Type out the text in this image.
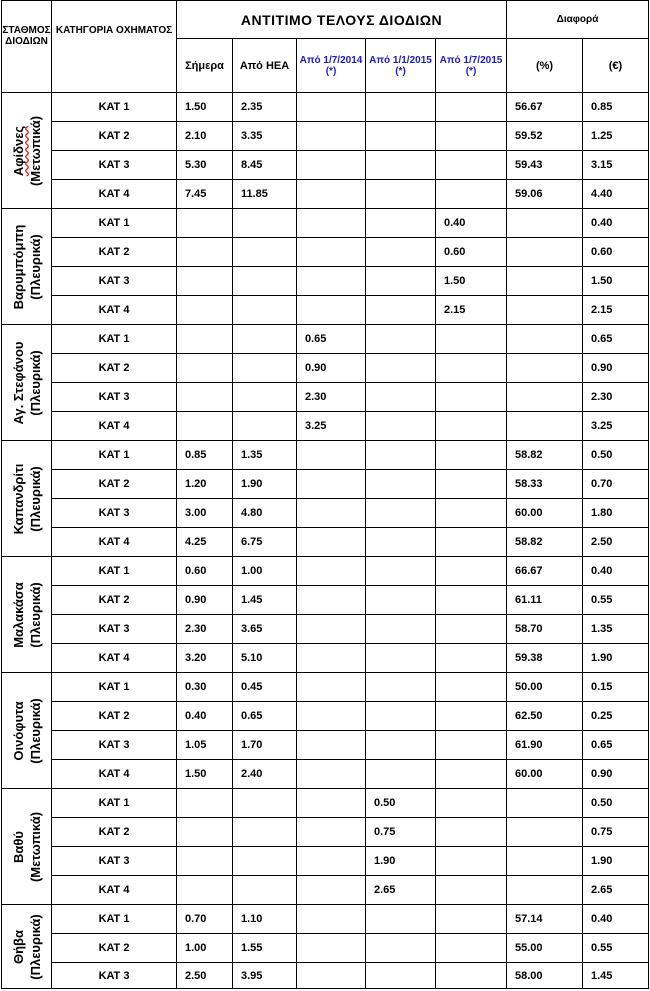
ΣΤΑΘΜΟΣ ΔΙΟΔΙΩΝ	ΚΑΤΗΓΟΡΙΑ ΟΧΗΜΑΤΟΣ	ΑΝΤΙΤΙΜΟ ΤΕΛΟΥΣ ΔΙΟΔΙΩΝ					Διαφορά	
		Σήμερα	Από ΗΕΑ	Από 1/7/2014 (*)	Από 1/1/2015 (*)	Από 1/7/2015 (*)	(%)	(€)

Αφίδνες (Μετωπικά)	ΚΑΤ 1	1.50	2.35				56.67	0.85
	ΚΑΤ 2	2.10	3.35				59.52	1.25
	ΚΑΤ 3	5.30	8.45				59.43	3.15
	ΚΑΤ 4	7.45	11.85				59.06	4.40

Βαρυμπόμπη (Πλευρικά)	ΚΑΤ 1					0.40		0.40
	ΚΑΤ 2					0.60		0.60
	ΚΑΤ 3					1.50		1.50
	ΚΑΤ 4					2.15		2.15

Αγ. Στεφάνου (Πλευρικά)	ΚΑΤ 1			0.65				0.65
	ΚΑΤ 2			0.90				0.90
	ΚΑΤ 3			2.30				2.30
	ΚΑΤ 4			3.25				3.25

Καπανδρίτι (Πλευρικά)	ΚΑΤ 1	0.85	1.35				58.82	0.50
	ΚΑΤ 2	1.20	1.90				58.33	0.70
	ΚΑΤ 3	3.00	4.80				60.00	1.80
	ΚΑΤ 4	4.25	6.75				58.82	2.50

Μαλακάσα (Πλευρικά)	ΚΑΤ 1	0.60	1.00				66.67	0.40
	ΚΑΤ 2	0.90	1.45				61.11	0.55
	ΚΑΤ 3	2.30	3.65				58.70	1.35
	ΚΑΤ 4	3.20	5.10				59.38	1.90

Οινόφυτα (Πλευρικά)	ΚΑΤ 1	0.30	0.45				50.00	0.15
	ΚΑΤ 2	0.40	0.65				62.50	0.25
	ΚΑΤ 3	1.05	1.70				61.90	0.65
	ΚΑΤ 4	1.50	2.40				60.00	0.90

Βαθύ (Μετωπικά)	ΚΑΤ 1				0.50			0.50
	ΚΑΤ 2				0.75			0.75
	ΚΑΤ 3				1.90			1.90
	ΚΑΤ 4				2.65			2.65

Θήβα (Πλευρικά)	ΚΑΤ 1	0.70	1.10				57.14	0.40
	ΚΑΤ 2	1.00	1.55				55.00	0.55
	ΚΑΤ 3	2.50	3.95				58.00	1.45
